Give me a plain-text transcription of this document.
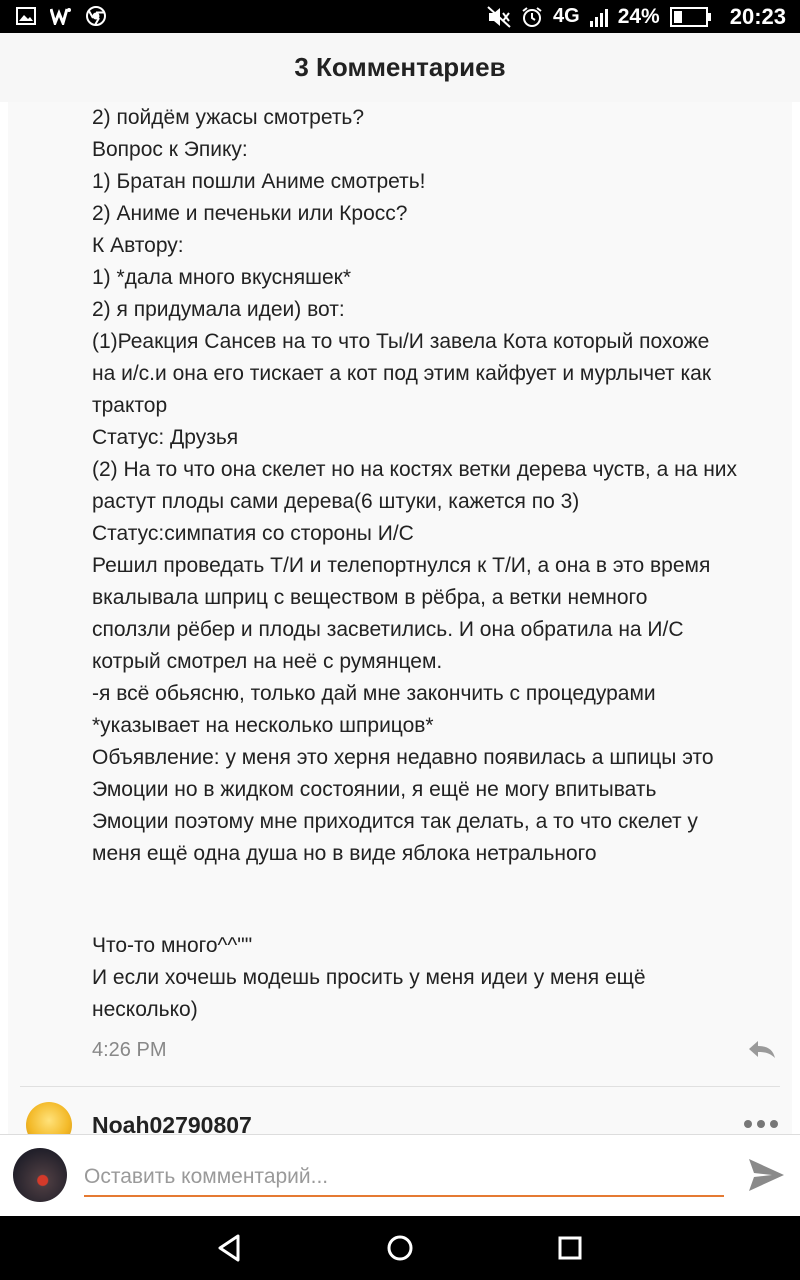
4G 24%	20:23
3 Комментариев
2) пойдём ужасы смотреть?
Вопрос к Эпику:
1) Братан пошли Аниме смотреть!
2) Аниме и печеньки или Кросс?
К Автору:
1) *дала много вкусняшек*
2) я придумала идеи) вот:
(1)Реакция Сансев на то что Ты/И завела Кота который похоже
на и/с.и она его тискает а кот под этим кайфует и мурлычет как
трактор
Статус: Друзья
(2) На то что она скелет но на костях ветки дерева чуств, а на них
растут плоды сами дерева(6 штуки, кажется по 3)
Статус:симпатия со стороны И/С
Решил проведать Т/И и телепортнулся к Т/И, а она в это время
вкалывала шприц с веществом в рёбра, а ветки немного
сползли рёбер и плоды засветились. И она обратила на И/С
котрый смотрел на неё с румянцем.
-я всё обьясню, только дай мне закончить с процедурами
*указывает на несколько шприцов*
Объявление: у меня это херня недавно появилась а шпицы это
Эмоции но в жидком состоянии, я ещё не могу впитывать
Эмоции поэтому мне приходится так делать, а то что скелет у
меня ещё одна душа но в виде яблока нетрального
Что-то много^^""
И если хочешь модешь просить у меня идеи у меня ещё
несколько)
4:26 PM
Noah02790807
Оставить комментарий...
